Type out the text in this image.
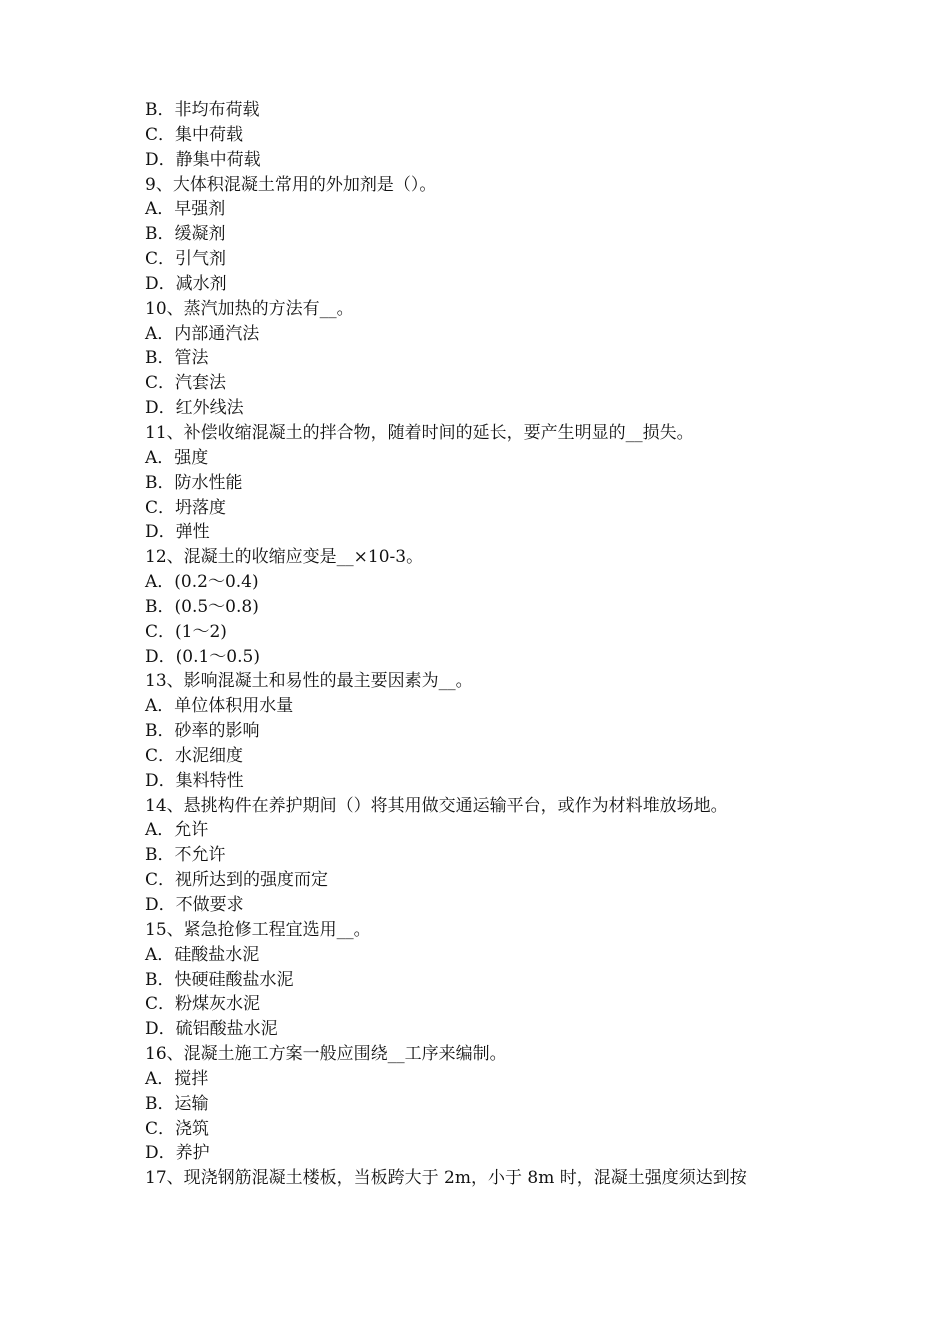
B．非均布荷载
C．集中荷载
D．静集中荷载
9、大体积混凝土常用的外加剂是（）。
A．早强剂
B．缓凝剂
C．引气剂
D．减水剂
10、蒸汽加热的方法有__。
A．内部通汽法
B．管法
C．汽套法
D．红外线法
11、补偿收缩混凝土的拌合物，随着时间的延长，要产生明显的__损失。
A．强度
B．防水性能
C．坍落度
D．弹性
12、混凝土的收缩应变是__×10-3。
A．(0.2～0.4)
B．(0.5～0.8)
C．(1～2)
D．(0.1～0.5)
13、影响混凝土和易性的最主要因素为__。
A．单位体积用水量
B．砂率的影响
C．水泥细度
D．集料特性
14、悬挑构件在养护期间（）将其用做交通运输平台，或作为材料堆放场地。
A．允许
B．不允许
C．视所达到的强度而定
D．不做要求
15、紧急抢修工程宜选用__。
A．硅酸盐水泥
B．快硬硅酸盐水泥
C．粉煤灰水泥
D．硫铝酸盐水泥
16、混凝土施工方案一般应围绕__工序来编制。
A．搅拌
B．运输
C．浇筑
D．养护
17、现浇钢筋混凝土楼板，当板跨大于 2m，小于 8m 时，混凝土强度须达到按
